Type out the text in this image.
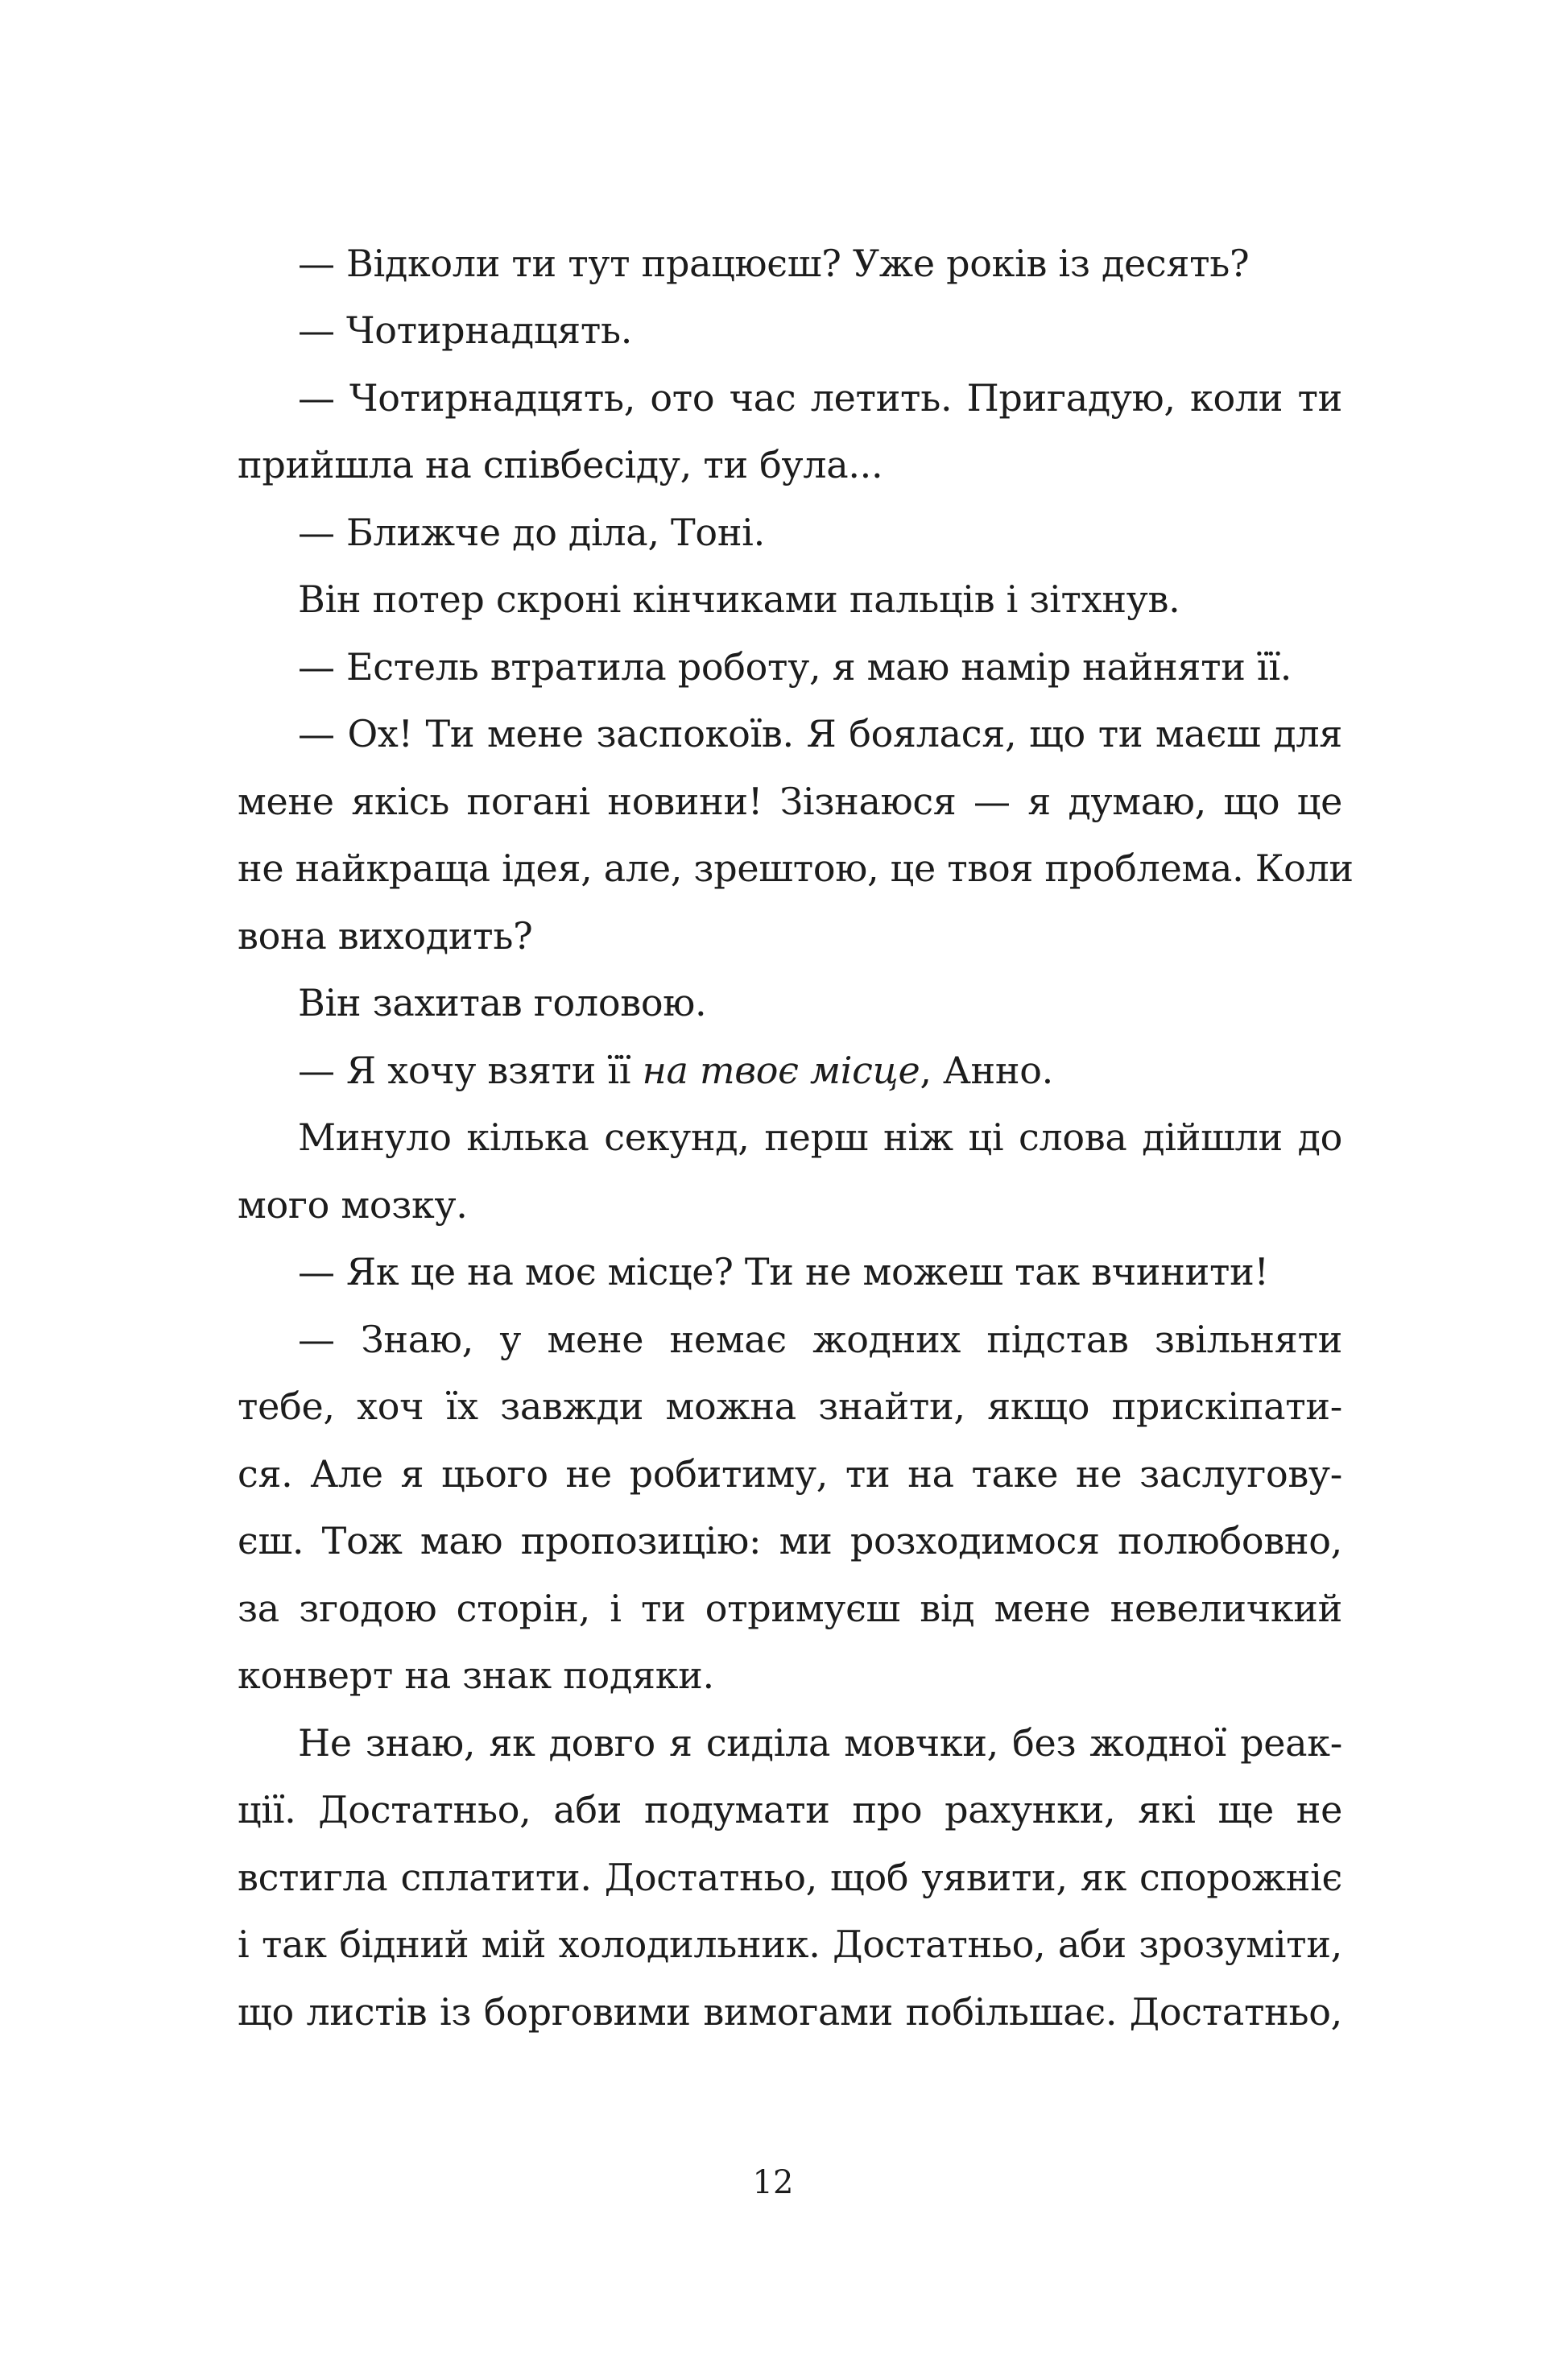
— Відколи ти тут працюєш? Уже років із десять?
— Чотирнадцять.
— Чотирнадцять, ото час летить. Пригадую, коли ти
прийшла на співбесіду, ти була...
— Ближче до діла, Тоні.
Він потер скроні кінчиками пальців і зітхнув.
— Естель втратила роботу, я маю намір найняти її.
— Ох! Ти мене заспокоїв. Я боялася, що ти маєш для
мене якісь погані новини! Зізнаюся — я думаю, що це
не найкраща ідея, але, зрештою, це твоя проблема. Коли
вона виходить?
Він захитав головою.
— Я хочу взяти її на твоє місце, Анно.
Минуло кілька секунд, перш ніж ці слова дійшли до
мого мозку.
— Як це на моє місце? Ти не можеш так вчинити!
— Знаю, у мене немає жодних підстав звільняти
тебе, хоч їх завжди можна знайти, якщо прискіпати-
ся. Але я цього не робитиму, ти на таке не заслугову-
єш. Тож маю пропозицію: ми розходимося полюбовно,
за згодою сторін, і ти отримуєш від мене невеличкий
конверт на знак подяки.
Не знаю, як довго я сиділа мовчки, без жодної реак-
ції. Достатньо, аби подумати про рахунки, які ще не
встигла сплатити. Достатньо, щоб уявити, як спорожніє
і так бідний мій холодильник. Достатньо, аби зрозуміти,
що листів із борговими вимогами побільшає. Достатньо,
12
